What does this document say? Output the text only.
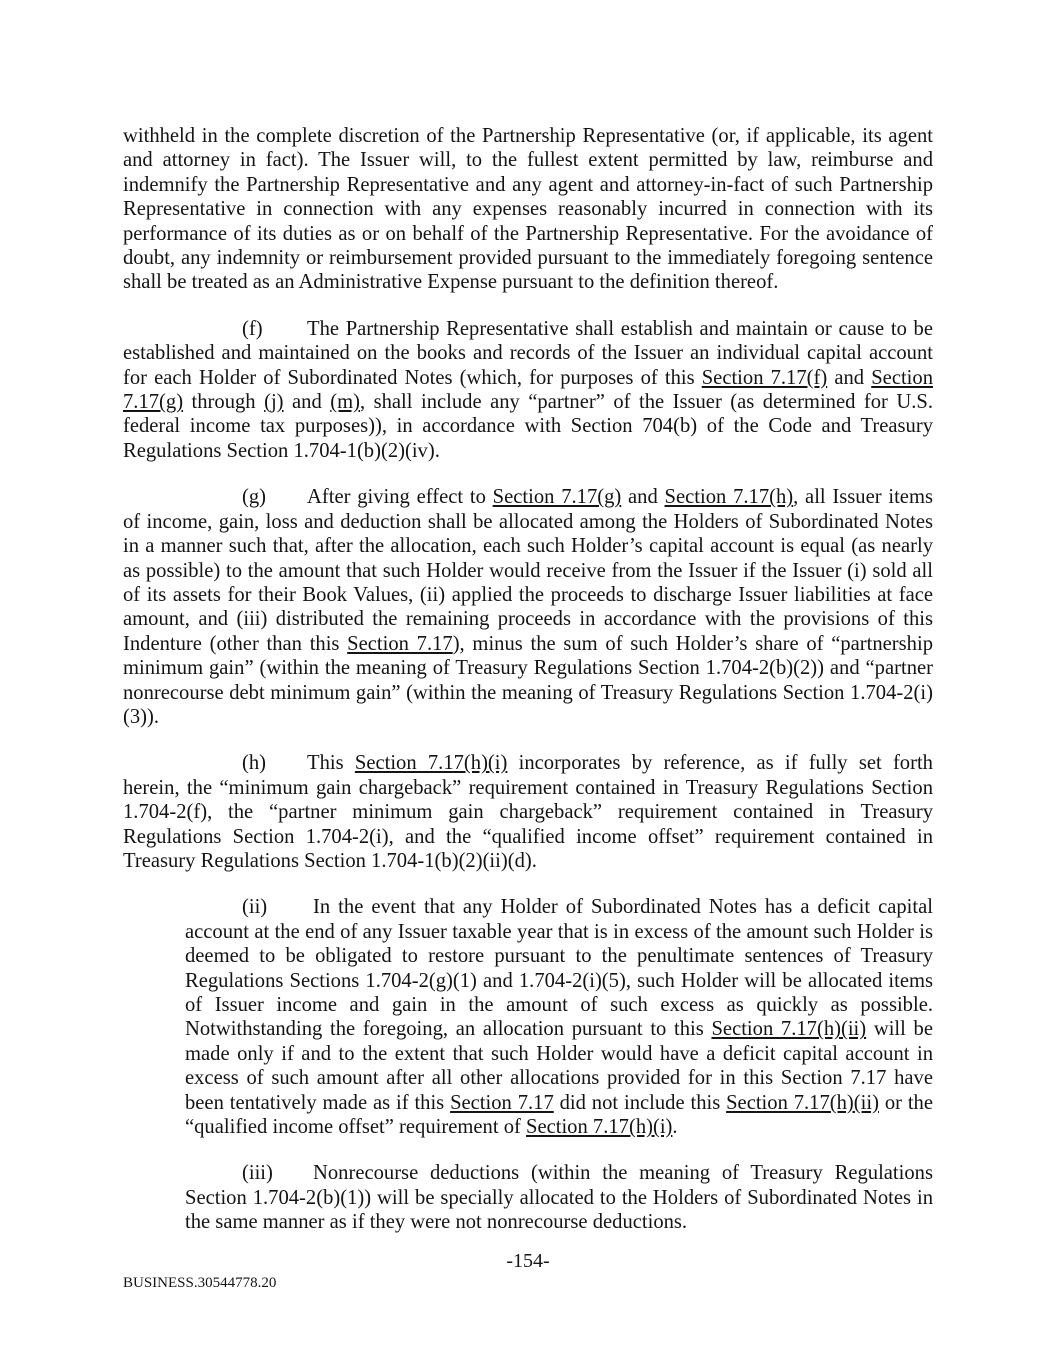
withheld in the complete discretion of the Partnership Representative (or, if applicable, its agent and attorney in fact). The Issuer will, to the fullest extent permitted by law, reimburse and indemnify the Partnership Representative and any agent and attorney-in-fact of such Partnership Representative in connection with any expenses reasonably incurred in connection with its performance of its duties as or on behalf of the Partnership Representative. For the avoidance of doubt, any indemnity or reimbursement provided pursuant to the immediately foregoing sentence shall be treated as an Administrative Expense pursuant to the definition thereof.

(f) The Partnership Representative shall establish and maintain or cause to be established and maintained on the books and records of the Issuer an individual capital account for each Holder of Subordinated Notes (which, for purposes of this Section 7.17(f) and Section 7.17(g) through (j) and (m), shall include any “partner” of the Issuer (as determined for U.S. federal income tax purposes)), in accordance with Section 704(b) of the Code and Treasury Regulations Section 1.704-1(b)(2)(iv).

(g) After giving effect to Section 7.17(g) and Section 7.17(h), all Issuer items of income, gain, loss and deduction shall be allocated among the Holders of Subordinated Notes in a manner such that, after the allocation, each such Holder’s capital account is equal (as nearly as possible) to the amount that such Holder would receive from the Issuer if the Issuer (i) sold all of its assets for their Book Values, (ii) applied the proceeds to discharge Issuer liabilities at face amount, and (iii) distributed the remaining proceeds in accordance with the provisions of this Indenture (other than this Section 7.17), minus the sum of such Holder’s share of “partnership minimum gain” (within the meaning of Treasury Regulations Section 1.704-2(b)(2)) and “partner nonrecourse debt minimum gain” (within the meaning of Treasury Regulations Section 1.704-2(i)(3)).

(h) This Section 7.17(h)(i) incorporates by reference, as if fully set forth herein, the “minimum gain chargeback” requirement contained in Treasury Regulations Section 1.704-2(f), the “partner minimum gain chargeback” requirement contained in Treasury Regulations Section 1.704-2(i), and the “qualified income offset” requirement contained in Treasury Regulations Section 1.704-1(b)(2)(ii)(d).

(ii) In the event that any Holder of Subordinated Notes has a deficit capital account at the end of any Issuer taxable year that is in excess of the amount such Holder is deemed to be obligated to restore pursuant to the penultimate sentences of Treasury Regulations Sections 1.704-2(g)(1) and 1.704-2(i)(5), such Holder will be allocated items of Issuer income and gain in the amount of such excess as quickly as possible. Notwithstanding the foregoing, an allocation pursuant to this Section 7.17(h)(ii) will be made only if and to the extent that such Holder would have a deficit capital account in excess of such amount after all other allocations provided for in this Section 7.17 have been tentatively made as if this Section 7.17 did not include this Section 7.17(h)(ii) or the “qualified income offset” requirement of Section 7.17(h)(i).

(iii) Nonrecourse deductions (within the meaning of Treasury Regulations Section 1.704-2(b)(1)) will be specially allocated to the Holders of Subordinated Notes in the same manner as if they were not nonrecourse deductions.

-154-
BUSINESS.30544778.20
